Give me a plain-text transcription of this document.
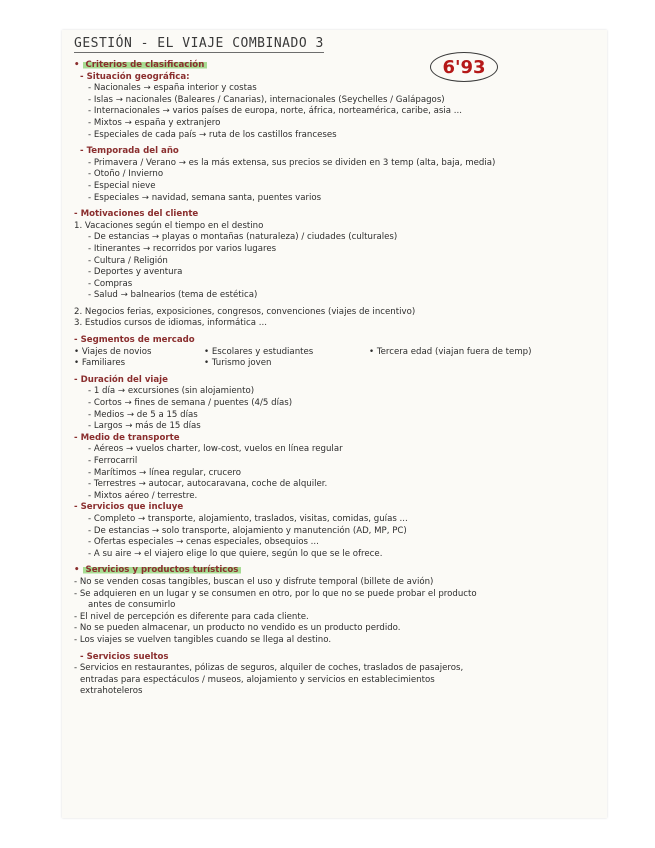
GESTIÓN - EL VIAJE COMBINADO 3
6'93
• Criterios de clasificación
- Situación geográfica:
- Nacionales → españa interior y costas
- Islas → nacionales (Baleares / Canarias), internacionales (Seychelles / Galápagos)
- Internacionales → varios países de europa, norte, áfrica, norteamérica, caribe, asia ...
- Mixtos → españa y extranjero
- Especiales de cada país → ruta de los castillos franceses
- Temporada del año
- Primavera / Verano → es la más extensa, sus precios se dividen en 3 temp (alta, baja, media)
- Otoño / Invierno
- Especial nieve
- Especiales → navidad, semana santa, puentes varios
- Motivaciones del cliente
1. Vacaciones según el tiempo en el destino
- De estancias → playas o montañas (naturaleza) / ciudades (culturales)
- Itinerantes → recorridos por varios lugares
- Cultura / Religión
- Deportes y aventura
- Compras
- Salud → balnearios (tema de estética)
2. Negocios ferias, exposiciones, congresos, convenciones (viajes de incentivo)
3. Estudios cursos de idiomas, informática ...
- Segmentos de mercado
• Viajes de novios	• Escolares y estudiantes	• Tercera edad (viajan fuera de temp)
• Familiares	• Turismo joven
- Duración del viaje
- 1 día → excursiones (sin alojamiento)
- Cortos → fines de semana / puentes (4/5 días)
- Medios → de 5 a 15 días
- Largos → más de 15 días
- Medio de transporte
- Aéreos → vuelos charter, low-cost, vuelos en línea regular
- Ferrocarril
- Marítimos → línea regular, crucero
- Terrestres → autocar, autocaravana, coche de alquiler.
- Mixtos aéreo / terrestre.
- Servicios que incluye
- Completo → transporte, alojamiento, traslados, visitas, comidas, guías ...
- De estancias → solo transporte, alojamiento y manutención (AD, MP, PC)
- Ofertas especiales → cenas especiales, obsequios ...
- A su aire → el viajero elige lo que quiere, según lo que se le ofrece.
• Servicios y productos turísticos
- No se venden cosas tangibles, buscan el uso y disfrute temporal (billete de avión)
- Se adquieren en un lugar y se consumen en otro, por lo que no se puede probar el producto
antes de consumirlo
- El nivel de percepción es diferente para cada cliente.
- No se pueden almacenar, un producto no vendido es un producto perdido.
- Los viajes se vuelven tangibles cuando se llega al destino.
- Servicios sueltos
- Servicios en restaurantes, pólizas de seguros, alquiler de coches, traslados de pasajeros,
entradas para espectáculos / museos, alojamiento y servicios en establecimientos
extrahoteleros
